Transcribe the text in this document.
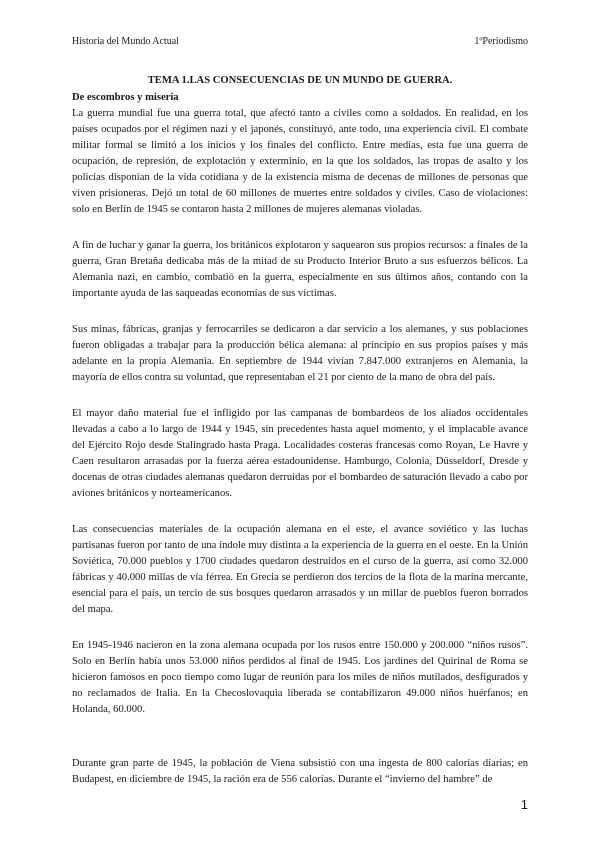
Historia del Mundo Actual	1ºPeriodismo
TEMA 1.LAS CONSECUENCIAS DE UN MUNDO DE GUERRA.
De escombros y miseria

La guerra mundial fue una guerra total, que afectó tanto a civiles como a soldados. En realidad, en los países ocupados por el régimen nazi y el japonés, constituyó, ante todo, una experiencia civil. El combate militar formal se limitó a los inicios y los finales del conflicto. Entre medias, esta fue una guerra de ocupación, de represión, de explotación y exterminio, en la que los soldados, las tropas de asalto y los policías disponían de la vida cotidiana y de la existencia misma de decenas de millones de personas que viven prisioneras. Dejó un total de 60 millones de muertes entre soldados y civiles. Caso de violaciones: solo en Berlín de 1945 se contaron hasta 2 millones de mujeres alemanas violadas.

A fin de luchar y ganar la guerra, los británicos explotaron y saquearon sus propios recursos: a finales de la guerra, Gran Bretaña dedicaba más de la mitad de su Producto Interior Bruto a sus esfuerzos bélicos. La Alemania nazi, en cambio, combatió en la guerra, especialmente en sus últimos años, contando con la importante ayuda de las saqueadas economías de sus víctimas.

Sus minas, fábricas, granjas y ferrocarriles se dedicaron a dar servicio a los alemanes, y sus poblaciones fueron obligadas a trabajar para la producción bélica alemana: al principio en sus propios países y más adelante en la propia Alemania. En septiembre de 1944 vivían 7.847.000 extranjeros en Alemania, la mayoría de ellos contra su voluntad, que representaban el 21 por ciento de la mano de obra del país.

El mayor daño material fue el infligido por las campanas de bombardeos de los aliados occidentales llevadas a cabo a lo largo de 1944 y 1945, sin precedentes hasta aquel momento, y el implacable avance del Ejército Rojo desde Stalingrado hasta Praga. Localidades costeras francesas como Royan, Le Havre y Caen resultaron arrasadas por la fuerza aérea estadounidense. Hamburgo, Colonia, Düsseldorf, Dresde y docenas de otras ciudades alemanas quedaron derruidas por el bombardeo de saturación llevado a cabo por aviones británicos y norteamericanos.

Las consecuencias materiales de la ocupación alemana en el este, el avance soviético y las luchas partisanas fueron por tanto de una índole muy distinta a la experiencia de la guerra en el oeste. En la Unión Soviética, 70.000 pueblos y 1700 ciudades quedaron destruidos en el curso de la guerra, así como 32.000 fábricas y 40.000 millas de vía férrea. En Grecia se perdieron dos tercios de la flota de la marina mercante, esencial para el país, un tercio de sus bosques quedaron arrasados y un millar de pueblos fueron borrados del mapa.

En 1945-1946 nacieron en la zona alemana ocupada por los rusos entre 150.000 y 200.000 “niños rusos”. Solo en Berlín había unos 53.000 niños perdidos al final de 1945. Los jardines del Quirinal de Roma se hicieron famosos en poco tiempo como lugar de reunión para los miles de niños mutilados, desfigurados y no reclamados de Italia. En la Checoslovaquia liberada se contabilizaron 49.000 niños huérfanos; en Holanda, 60.000.

Durante gran parte de 1945, la población de Viena subsistió con una ingesta de 800 calorías diarias; en Budapest, en diciembre de 1945, la ración era de 556 calorías. Durante el “invierno del hambre” de

1
